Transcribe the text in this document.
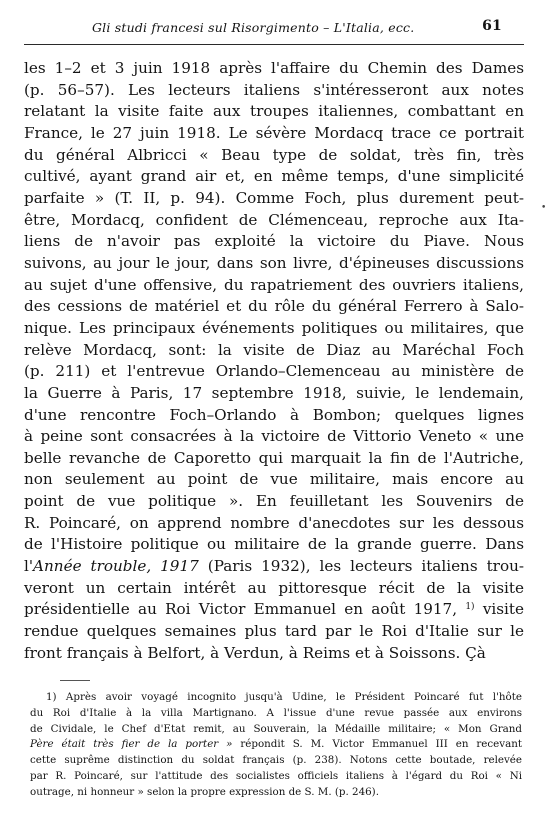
Gli studi francesi sul Risorgimento – L'Italia, ecc.	61
les 1–2 et 3 juin 1918 après l'affaire du Chemin des Dames
(p. 56–57). Les lecteurs italiens s'intéresseront aux notes
relatant la visite faite aux troupes italiennes, combattant en
France, le 27 juin 1918. Le sévère Mordacq trace ce portrait
du général Albricci « Beau type de soldat, très fin, très
cultivé, ayant grand air et, en même temps, d'une simplicité
parfaite » (T. II, p. 94). Comme Foch, plus durement peut-
être, Mordacq, confident de Clémenceau, reproche aux Ita-
liens de n'avoir pas exploité la victoire du Piave. Nous
suivons, au jour le jour, dans son livre, d'épineuses discussions
au sujet d'une offensive, du rapatriement des ouvriers italiens,
des cessions de matériel et du rôle du général Ferrero à Salo-
nique. Les principaux événements politiques ou militaires, que
relève Mordacq, sont: la visite de Diaz au Maréchal Foch
(p. 211) et l'entrevue Orlando–Clemenceau au ministère de
la Guerre à Paris, 17 septembre 1918, suivie, le lendemain,
d'une rencontre Foch–Orlando à Bombon; quelques lignes
à peine sont consacrées à la victoire de Vittorio Veneto « une
belle revanche de Caporetto qui marquait la fin de l'Autriche,
non seulement au point de vue militaire, mais encore au
point de vue politique ». En feuilletant les Souvenirs de
R. Poincaré, on apprend nombre d'anecdotes sur les dessous
de l'Histoire politique ou militaire de la grande guerre. Dans
l'Année trouble, 1917 (Paris 1932), les lecteurs italiens trou-
veront un certain intérêt au pittoresque récit de la visite
présidentielle au Roi Victor Emmanuel en août 1917, $^{1)}$ visite
rendue quelques semaines plus tard par le Roi d'Italie sur le
front français à Belfort, à Verdun, à Reims et à Soissons. Çà
1) Après avoir voyagé incognito jusqu'à Udine, le Président Poincaré fut l'hôte
du Roi d'Italie à la villa Martignano. A l'issue d'une revue passée aux environs
de Cividale, le Chef d'Etat remit, au Souverain, la Médaille militaire; « Mon Grand
Père était très fier de la porter » répondit S. M. Victor Emmanuel III en recevant
cette suprême distinction du soldat français (p. 238). Notons cette boutade, relevée
par R. Poincaré, sur l'attitude des socialistes officiels italiens à l'égard du Roi « Ni
outrage, ni honneur » selon la propre expression de S. M. (p. 246).
•
